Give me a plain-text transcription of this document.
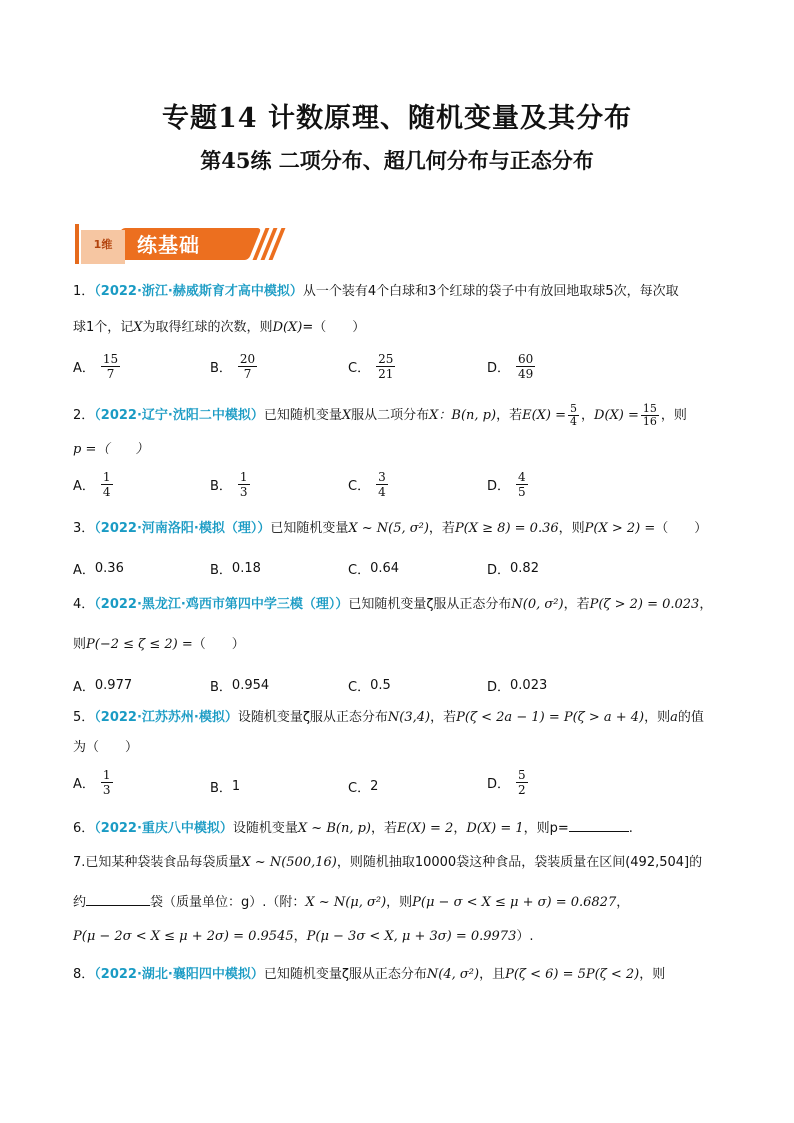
专题14 计数原理、随机变量及其分布
第45练 二项分布、超几何分布与正态分布
1维	练基础
1．（2022·浙江·赫威斯育才高中模拟）从一个装有4个白球和3个红球的袋子中有放回地取球5次，每次取
球1个，记X为取得红球的次数，则D(X)=（　　）
A． $\frac{15}{7}$	B． $\frac{20}{7}$	C． $\frac{25}{21}$	D． $\frac{60}{49}$
2．（2022·辽宁·沈阳二中模拟）已知随机变量X服从二项分布X：B(n, p)，若$E(X) = \frac{5}{4}$ ，$D(X) = \frac{15}{16}$ ，则
p =（　　）
A． $\frac{1}{4}$	B． $\frac{1}{3}$	C． $\frac{3}{4}$	D． $\frac{4}{5}$
3．（2022·河南洛阳·模拟（理））已知随机变量X ~ N(5, σ²)，若P(X ≥ 8) = 0.36，则P(X > 2) =（　　）
A． 0.36	B． 0.18	C． 0.64	D． 0.82
4．（2022·黑龙江·鸡西市第四中学三模（理））已知随机变量ζ服从正态分布N(0, σ²)，若P(ζ > 2) = 0.023，
则P(−2 ≤ ζ ≤ 2) =（　　）
A． 0.977	B． 0.954	C． 0.5	D． 0.023
5．（2022·江苏苏州·模拟）设随机变量ζ服从正态分布N(3,4)，若P(ζ < 2a − 1) = P(ζ > a + 4)，则a的值
为（　　）
A． $\frac{1}{3}$	B． 1	C． 2	D． $\frac{5}{2}$
6．（2022·重庆八中模拟）设随机变量X ~ B(n, p)，若E(X) = 2，D(X) = 1，则p=	.
7.已知某种袋装食品每袋质量X ~ N(500,16)，则随机抽取10000袋这种食品，袋装质量在区间(492,504]的
约	袋（质量单位：g）.（附：X ~ N(μ, σ²)，则P(μ − σ < X ≤ μ + σ) = 0.6827，
P(μ − 2σ < X ≤ μ + 2σ) = 0.9545，P(μ − 3σ < X, μ + 3σ) = 0.9973）.
8．（2022·湖北·襄阳四中模拟）已知随机变量ζ服从正态分布N(4, σ²)，且P(ζ < 6) = 5P(ζ < 2)，则
